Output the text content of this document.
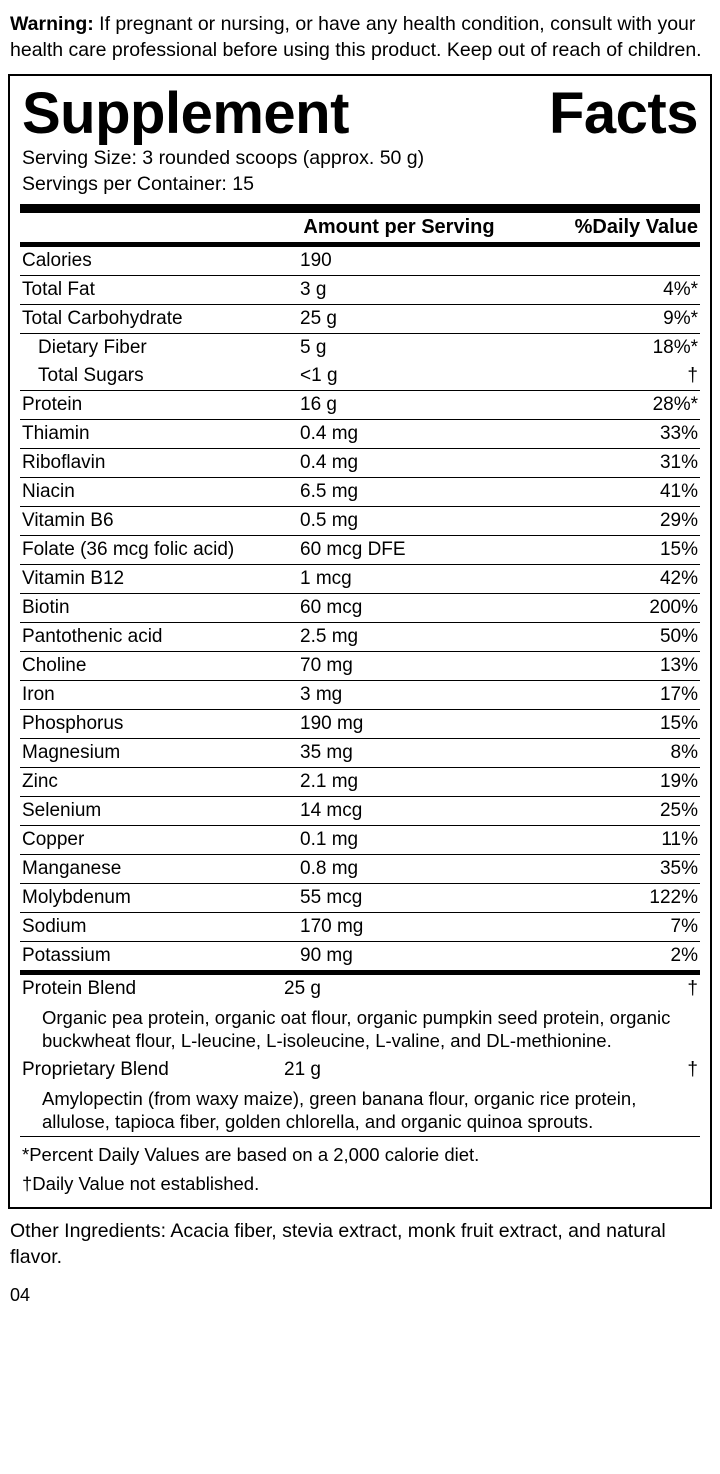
Warning: If pregnant or nursing, or have any health condition, consult with your health care professional before using this product. Keep out of reach of children.

Supplement	Facts
Serving Size: 3 rounded scoops (approx. 50 g)
Servings per Container: 15
	Amount per Serving	%Daily Value
Calories	190	
Total Fat	3 g	4%*
Total Carbohydrate	25 g	9%*
Dietary Fiber	5 g	18%*
Total Sugars	<1 g	†
Protein	16 g	28%*
Thiamin	0.4 mg	33%
Riboflavin	0.4 mg	31%
Niacin	6.5 mg	41%
Vitamin B6	0.5 mg	29%
Folate (36 mcg folic acid)	60 mcg DFE	15%
Vitamin B12	1 mcg	42%
Biotin	60 mcg	200%
Pantothenic acid	2.5 mg	50%
Choline	70 mg	13%
Iron	3 mg	17%
Phosphorus	190 mg	15%
Magnesium	35 mg	8%
Zinc	2.1 mg	19%
Selenium	14 mcg	25%
Copper	0.1 mg	11%
Manganese	0.8 mg	35%
Molybdenum	55 mcg	122%
Sodium	170 mg	7%
Potassium	90 mg	2%
Protein Blend	25 g	†
Organic pea protein, organic oat flour, organic pumpkin seed protein, organic buckwheat flour, L-leucine, L-isoleucine, L-valine, and DL-methionine.		
Proprietary Blend	21 g	†
Amylopectin (from waxy maize), green banana flour, organic rice protein, allulose, tapioca fiber, golden chlorella, and organic quinoa sprouts.		
*Percent Daily Values are based on a 2,000 calorie diet.
†Daily Value not established.

Other Ingredients: Acacia fiber, stevia extract, monk fruit extract, and natural flavor.

04
